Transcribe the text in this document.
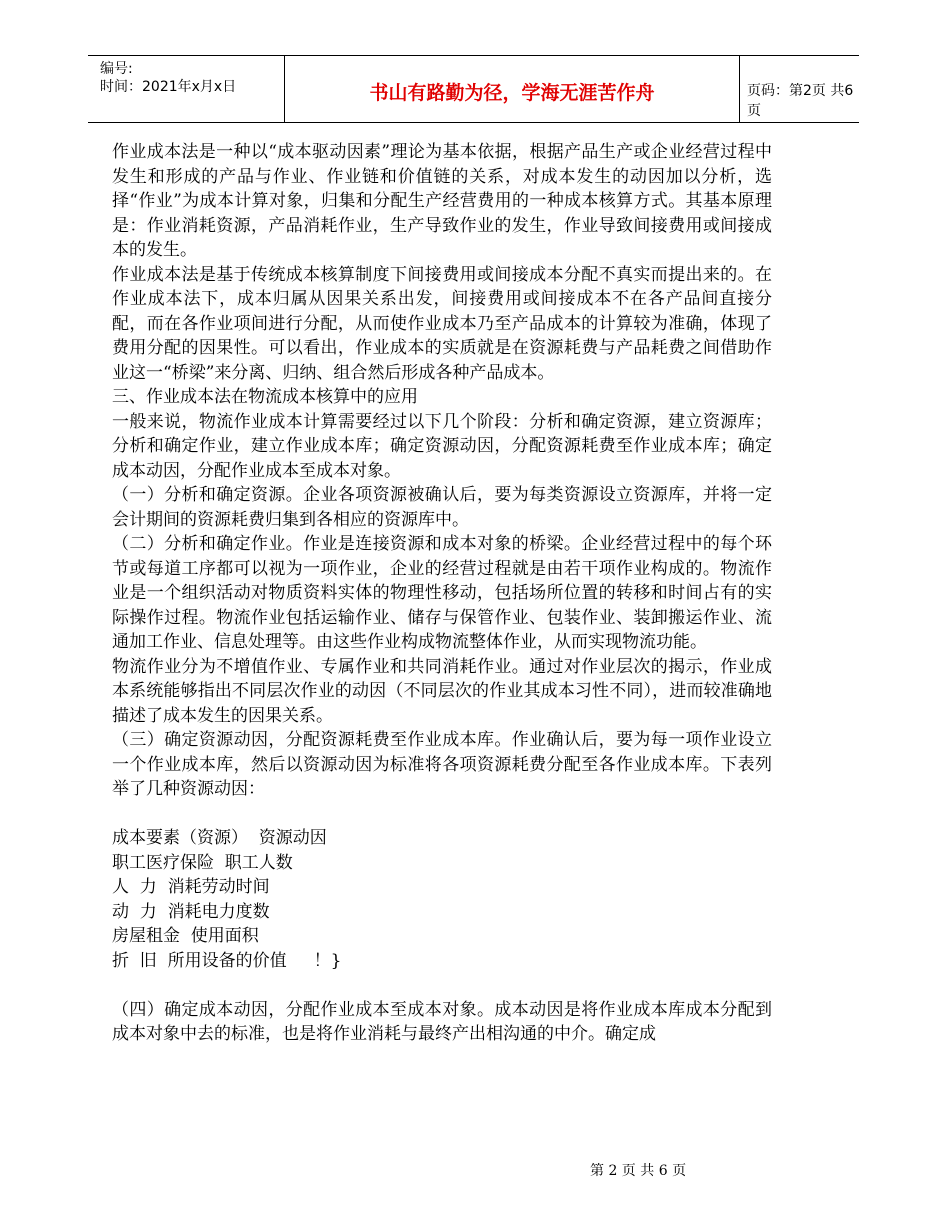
编号:
时间：2021年x月x日	书山有路勤为径，学海无涯苦作舟	页码：第2页 共6页

作业成本法是一种以“成本驱动因素”理论为基本依据，根据产品生产或企业经营过程中发生和形成的产品与作业、作业链和价值链的关系，对成本发生的动因加以分析，选择“作业”为成本计算对象，归集和分配生产经营费用的一种成本核算方式。其基本原理是：作业消耗资源，产品消耗作业，生产导致作业的发生，作业导致间接费用或间接成本的发生。

作业成本法是基于传统成本核算制度下间接费用或间接成本分配不真实而提出来的。在作业成本法下，成本归属从因果关系出发，间接费用或间接成本不在各产品间直接分配，而在各作业项间进行分配，从而使作业成本乃至产品成本的计算较为准确，体现了费用分配的因果性。可以看出，作业成本的实质就是在资源耗费与产品耗费之间借助作业这一“桥梁”来分离、归纳、组合然后形成各种产品成本。

三、作业成本法在物流成本核算中的应用

一般来说，物流作业成本计算需要经过以下几个阶段：分析和确定资源，建立资源库；分析和确定作业，建立作业成本库；确定资源动因，分配资源耗费至作业成本库；确定成本动因，分配作业成本至成本对象。

（一）分析和确定资源。企业各项资源被确认后，要为每类资源设立资源库，并将一定会计期间的资源耗费归集到各相应的资源库中。

（二）分析和确定作业。作业是连接资源和成本对象的桥梁。企业经营过程中的每个环节或每道工序都可以视为一项作业，企业的经营过程就是由若干项作业构成的。物流作业是一个组织活动对物质资料实体的物理性移动，包括场所位置的转移和时间占有的实际操作过程。物流作业包括运输作业、储存与保管作业、包装作业、装卸搬运作业、流通加工作业、信息处理等。由这些作业构成物流整体作业，从而实现物流功能。

物流作业分为不增值作业、专属作业和共同消耗作业。通过对作业层次的揭示，作业成本系统能够指出不同层次作业的动因（不同层次的作业其成本习性不同），进而较准确地描述了成本发生的因果关系。

（三）确定资源动因，分配资源耗费至作业成本库。作业确认后，要为每一项作业设立一个作业成本库，然后以资源动因为标准将各项资源耗费分配至各作业成本库。下表列举了几种资源动因：

成本要素（资源）  资源动因
职工医疗保险  职工人数
人  力  消耗劳动时间
动  力  消耗电力度数
房屋租金  使用面积
折  旧  所用设备的价值     ！}

（四）确定成本动因，分配作业成本至成本对象。成本动因是将作业成本库成本分配到成本对象中去的标准，也是将作业消耗与最终产出相沟通的中介。确定成

第 2 页 共 6 页
